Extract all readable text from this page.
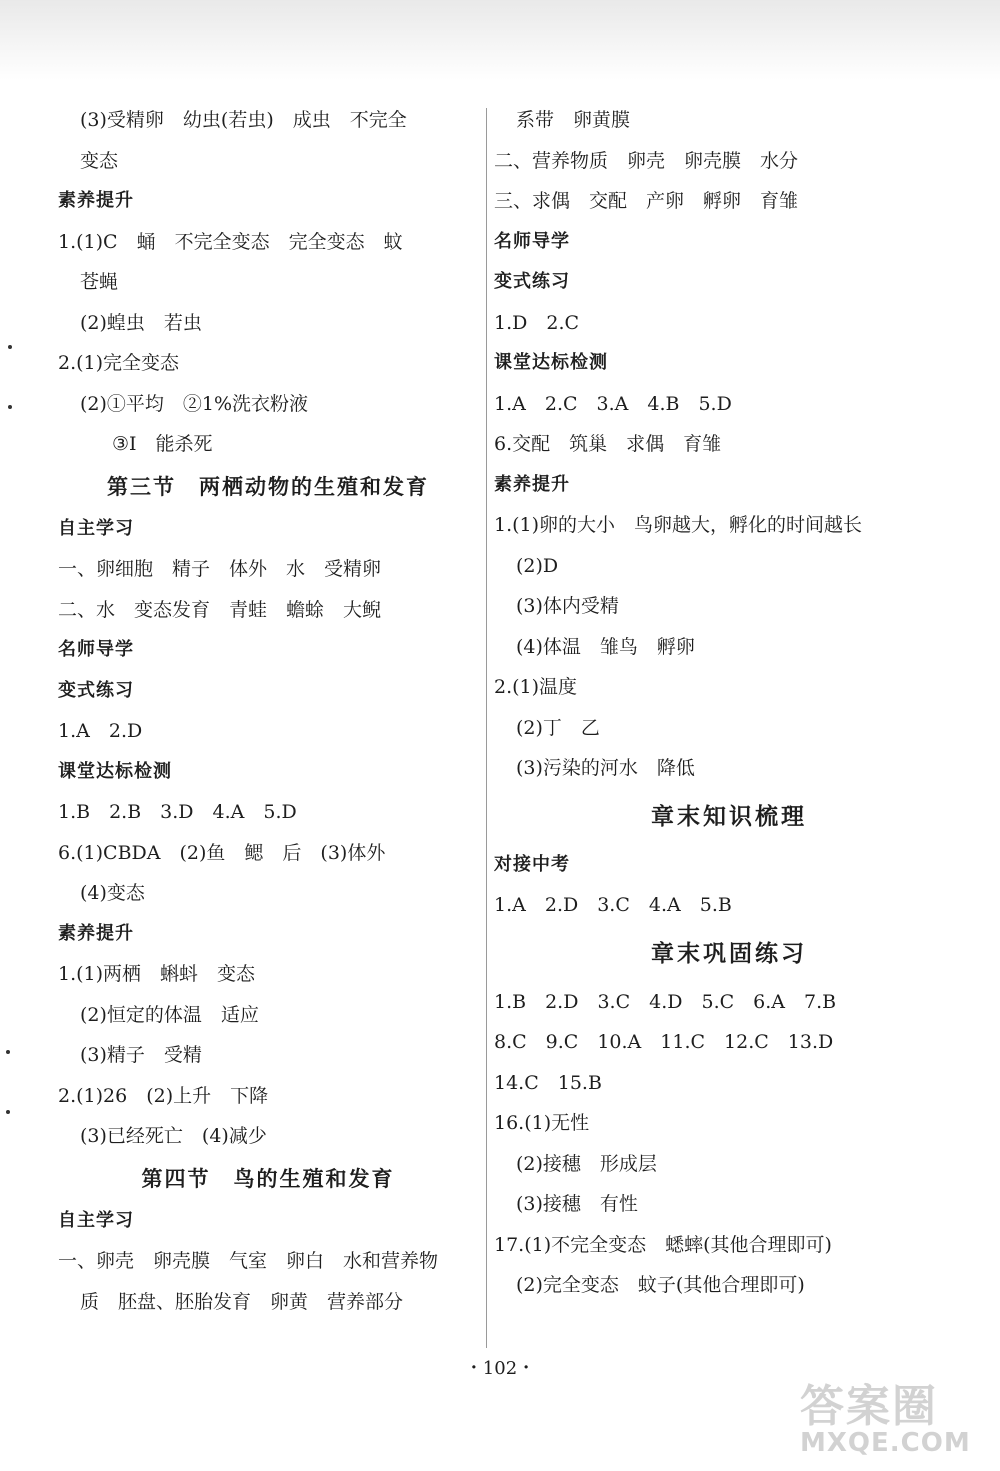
(3)受精卵　幼虫(若虫)　成虫　不完全
变态
素养提升
1.(1)C　蛹　不完全变态　完全变态　蚊
苍蝇
(2)蝗虫　若虫
2.(1)完全变态
(2)①平均　②1%洗衣粉液
③Ⅰ　能杀死
第三节　两栖动物的生殖和发育
自主学习
一、卵细胞　精子　体外　水　受精卵
二、水　变态发育　青蛙　蟾蜍　大鲵
名师导学
变式练习
1.A　2.D
课堂达标检测
1.B　2.B　3.D　4.A　5.D
6.(1)CBDA　(2)鱼　鳃　后　(3)体外
(4)变态
素养提升
1.(1)两栖　蝌蚪　变态
(2)恒定的体温　适应
(3)精子　受精
2.(1)26　(2)上升　下降
(3)已经死亡　(4)减少
第四节　鸟的生殖和发育
自主学习
一、卵壳　卵壳膜　气室　卵白　水和营养物
质　胚盘、胚胎发育　卵黄　营养部分
系带　卵黄膜
二、营养物质　卵壳　卵壳膜　水分
三、求偶　交配　产卵　孵卵　育雏
名师导学
变式练习
1.D　2.C
课堂达标检测
1.A　2.C　3.A　4.B　5.D
6.交配　筑巢　求偶　育雏
素养提升
1.(1)卵的大小　鸟卵越大，孵化的时间越长
(2)D
(3)体内受精
(4)体温　雏鸟　孵卵
2.(1)温度
(2)丁　乙
(3)污染的河水　降低
章末知识梳理
对接中考
1.A　2.D　3.C　4.A　5.B
章末巩固练习
1.B　2.D　3.C　4.D　5.C　6.A　7.B
8.C　9.C　10.A　11.C　12.C　13.D
14.C　15.B
16.(1)无性
(2)接穗　形成层
(3)接穗　有性
17.(1)不完全变态　蟋蟀(其他合理即可)
(2)完全变态　蚊子(其他合理即可)
・102・
答案圈
MXQE.COM
